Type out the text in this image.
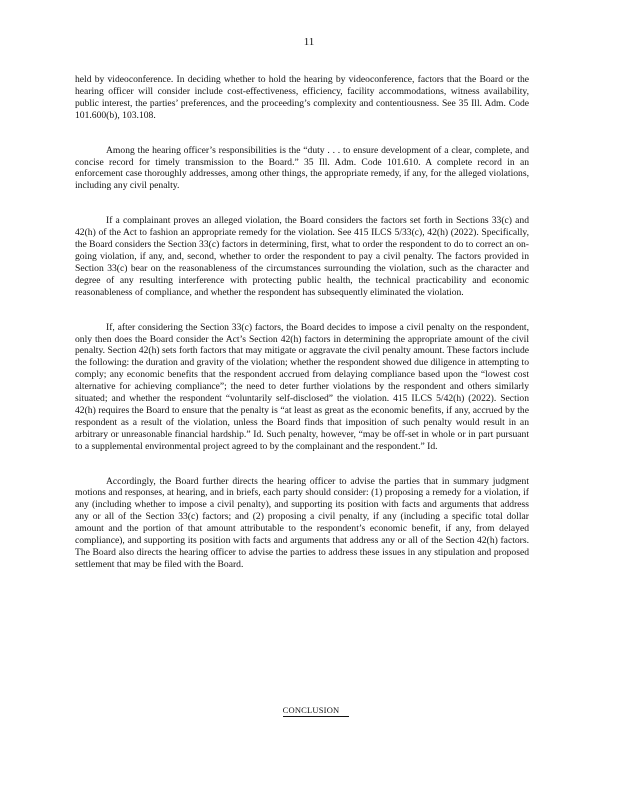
11

held by videoconference. In deciding whether to hold the hearing by videoconference, factors that the Board or the hearing officer will consider include cost-effectiveness, efficiency, facility accommodations, witness availability, public interest, the parties’ preferences, and the proceeding’s complexity and contentiousness. See 35 Ill. Adm. Code 101.600(b), 103.108.

Among the hearing officer’s responsibilities is the “duty . . . to ensure development of a clear, complete, and concise record for timely transmission to the Board.” 35 Ill. Adm. Code 101.610. A complete record in an enforcement case thoroughly addresses, among other things, the appropriate remedy, if any, for the alleged violations, including any civil penalty.

If a complainant proves an alleged violation, the Board considers the factors set forth in Sections 33(c) and 42(h) of the Act to fashion an appropriate remedy for the violation. See 415 ILCS 5/33(c), 42(h) (2022). Specifically, the Board considers the Section 33(c) factors in determining, first, what to order the respondent to do to correct an on-going violation, if any, and, second, whether to order the respondent to pay a civil penalty. The factors provided in Section 33(c) bear on the reasonableness of the circumstances surrounding the violation, such as the character and degree of any resulting interference with protecting public health, the technical practicability and economic reasonableness of compliance, and whether the respondent has subsequently eliminated the violation.

If, after considering the Section 33(c) factors, the Board decides to impose a civil penalty on the respondent, only then does the Board consider the Act’s Section 42(h) factors in determining the appropriate amount of the civil penalty. Section 42(h) sets forth factors that may mitigate or aggravate the civil penalty amount. These factors include the following: the duration and gravity of the violation; whether the respondent showed due diligence in attempting to comply; any economic benefits that the respondent accrued from delaying compliance based upon the “lowest cost alternative for achieving compliance”; the need to deter further violations by the respondent and others similarly situated; and whether the respondent “voluntarily self-disclosed” the violation. 415 ILCS 5/42(h) (2022). Section 42(h) requires the Board to ensure that the penalty is “at least as great as the economic benefits, if any, accrued by the respondent as a result of the violation, unless the Board finds that imposition of such penalty would result in an arbitrary or unreasonable financial hardship.” Id. Such penalty, however, “may be off-set in whole or in part pursuant to a supplemental environmental project agreed to by the complainant and the respondent.” Id.

Accordingly, the Board further directs the hearing officer to advise the parties that in summary judgment motions and responses, at hearing, and in briefs, each party should consider: (1) proposing a remedy for a violation, if any (including whether to impose a civil penalty), and supporting its position with facts and arguments that address any or all of the Section 33(c) factors; and (2) proposing a civil penalty, if any (including a specific total dollar amount and the portion of that amount attributable to the respondent’s economic benefit, if any, from delayed compliance), and supporting its position with facts and arguments that address any or all of the Section 42(h) factors. The Board also directs the hearing officer to advise the parties to address these issues in any stipulation and proposed settlement that may be filed with the Board.

CONCLUSION
